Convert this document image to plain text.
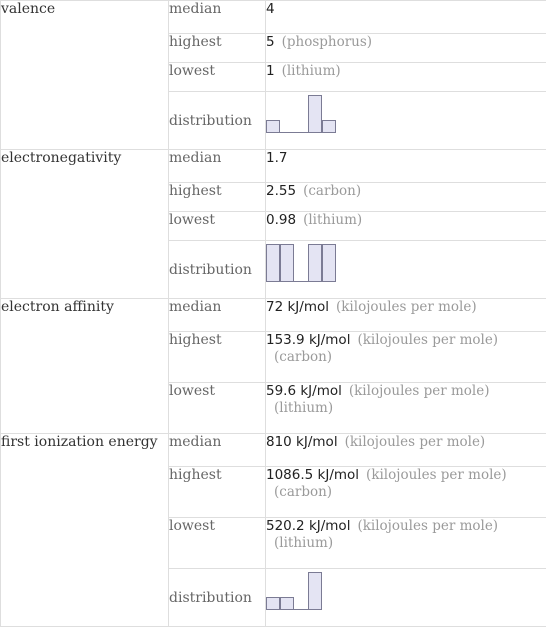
valence	median	4
	highest	5 (phosphorus)
	lowest	1 (lithium)
	distribution	

electronegativity	median	1.7
	highest	2.55 (carbon)
	lowest	0.98 (lithium)
	distribution	

electron affinity	median	72 kJ/mol (kilojoules per mole)
	highest	153.9 kJ/mol (kilojoules per mole)
(carbon)

	lowest	59.6 kJ/mol (kilojoules per mole)
(lithium)

first ionization energy	median	810 kJ/mol (kilojoules per mole)
	highest	1086.5 kJ/mol (kilojoules per mole)
(carbon)

	lowest	520.2 kJ/mol (kilojoules per mole)
(lithium)

	distribution	
